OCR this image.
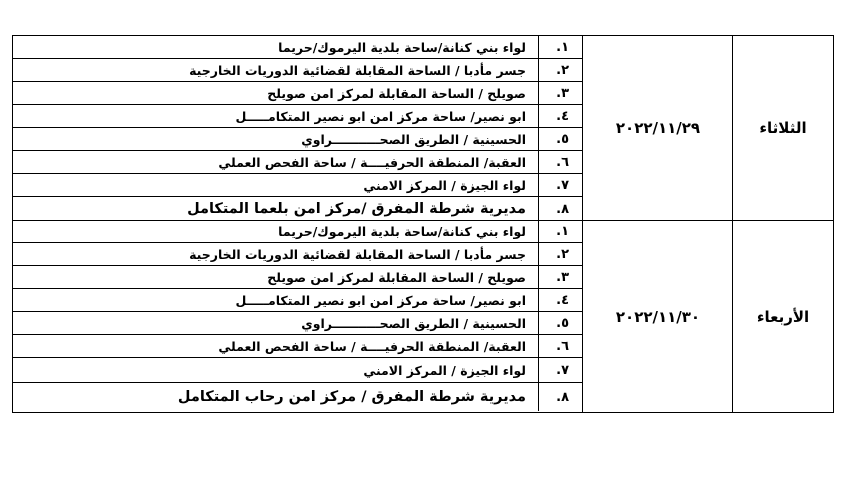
الثلاثاء
٢٠٢٢/١١/٢٩
١.
لواء بني كنانة/ساحة بلدية اليرموك/حريما
٢.
جسر مأدبا / الساحة المقابلة لقضائية الدوريات الخارجية
٣.
صويلح / الساحة المقابلة لمركز امن صويلح
٤.
ابو نصير/ ساحة مركز امن ابو نصير المتكامـــــل
٥.
الحسينية / الطريق الصحـــــــــــراوي
٦.
العقبة/ المنطقة الحرفيــــة / ساحة الفحص العملي
٧.
لواء الجيزة / المركز الامني
٨.
مديرية شرطة المفرق /مركز امن بلعما المتكامل
الأربعاء
٢٠٢٢/١١/٣٠
١.
لواء بني كنانة/ساحة بلدية اليرموك/حريما
٢.
جسر مأدبا / الساحة المقابلة لقضائية الدوريات الخارجية
٣.
صويلح / الساحة المقابلة لمركز امن صويلح
٤.
ابو نصير/ ساحة مركز امن ابو نصير المتكامـــــل
٥.
الحسينية / الطريق الصحـــــــــــراوي
٦.
العقبة/ المنطقة الحرفيــــة / ساحة الفحص العملي
٧.
لواء الجيزة / المركز الامني
٨.
مديرية شرطة المفرق / مركز امن رحاب المتكامل
